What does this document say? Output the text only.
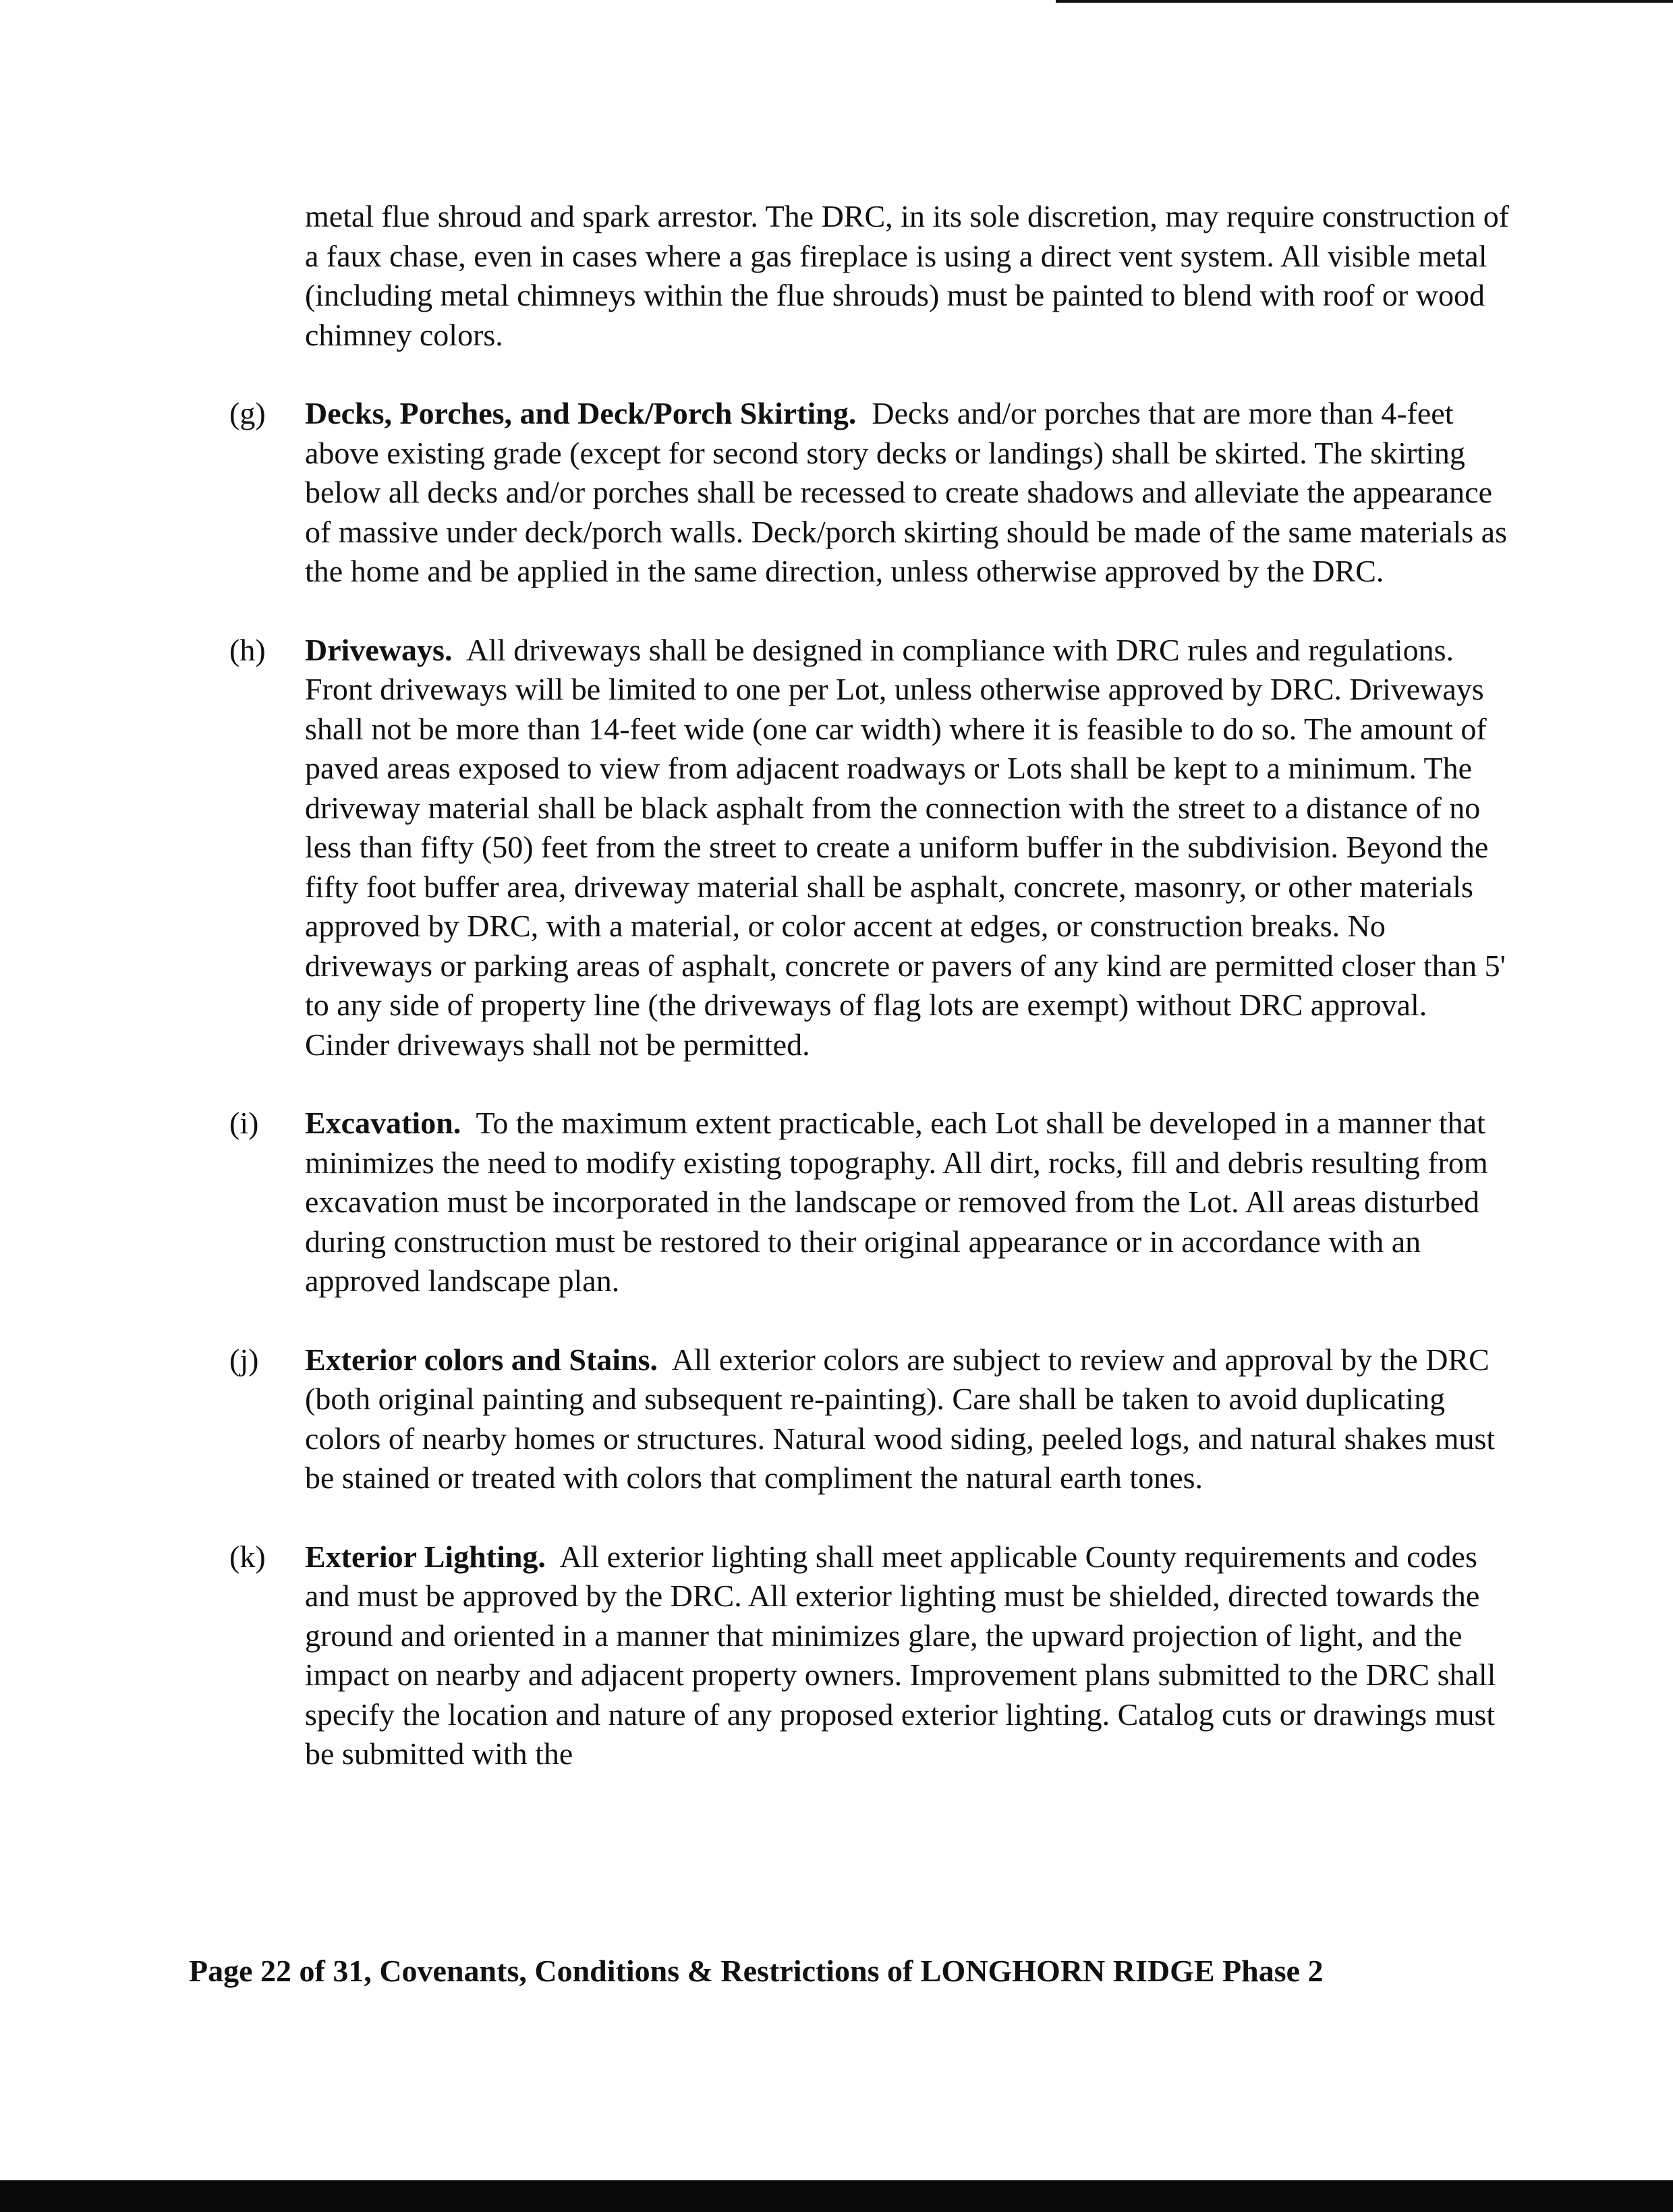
metal flue shroud and spark arrestor. The DRC, in its sole discretion, may require construction of a faux chase, even in cases where a gas fireplace is using a direct vent system. All visible metal (including metal chimneys within the flue shrouds) must be painted to blend with roof or wood chimney colors.

(g)	Decks, Porches, and Deck/Porch Skirting. Decks and/or porches that are more than 4-feet above existing grade (except for second story decks or landings) shall be skirted. The skirting below all decks and/or porches shall be recessed to create shadows and alleviate the appearance of massive under deck/porch walls. Deck/porch skirting should be made of the same materials as the home and be applied in the same direction, unless otherwise approved by the DRC.
(h)	Driveways. All driveways shall be designed in compliance with DRC rules and regulations. Front driveways will be limited to one per Lot, unless otherwise approved by DRC. Driveways shall not be more than 14-feet wide (one car width) where it is feasible to do so. The amount of paved areas exposed to view from adjacent roadways or Lots shall be kept to a minimum. The driveway material shall be black asphalt from the connection with the street to a distance of no less than fifty (50) feet from the street to create a uniform buffer in the subdivision. Beyond the fifty foot buffer area, driveway material shall be asphalt, concrete, masonry, or other materials approved by DRC, with a material, or color accent at edges, or construction breaks. No driveways or parking areas of asphalt, concrete or pavers of any kind are permitted closer than 5' to any side of property line (the driveways of flag lots are exempt) without DRC approval. Cinder driveways shall not be permitted.
(i)	Excavation. To the maximum extent practicable, each Lot shall be developed in a manner that minimizes the need to modify existing topography. All dirt, rocks, fill and debris resulting from excavation must be incorporated in the landscape or removed from the Lot. All areas disturbed during construction must be restored to their original appearance or in accordance with an approved landscape plan.
(j)	Exterior colors and Stains. All exterior colors are subject to review and approval by the DRC (both original painting and subsequent re-painting). Care shall be taken to avoid duplicating colors of nearby homes or structures. Natural wood siding, peeled logs, and natural shakes must be stained or treated with colors that compliment the natural earth tones.
(k)	Exterior Lighting. All exterior lighting shall meet applicable County requirements and codes and must be approved by the DRC. All exterior lighting must be shielded, directed towards the ground and oriented in a manner that minimizes glare, the upward projection of light, and the impact on nearby and adjacent property owners. Improvement plans submitted to the DRC shall specify the location and nature of any proposed exterior lighting. Catalog cuts or drawings must be submitted with the
Page 22 of 31, Covenants, Conditions & Restrictions of LONGHORN RIDGE Phase 2
